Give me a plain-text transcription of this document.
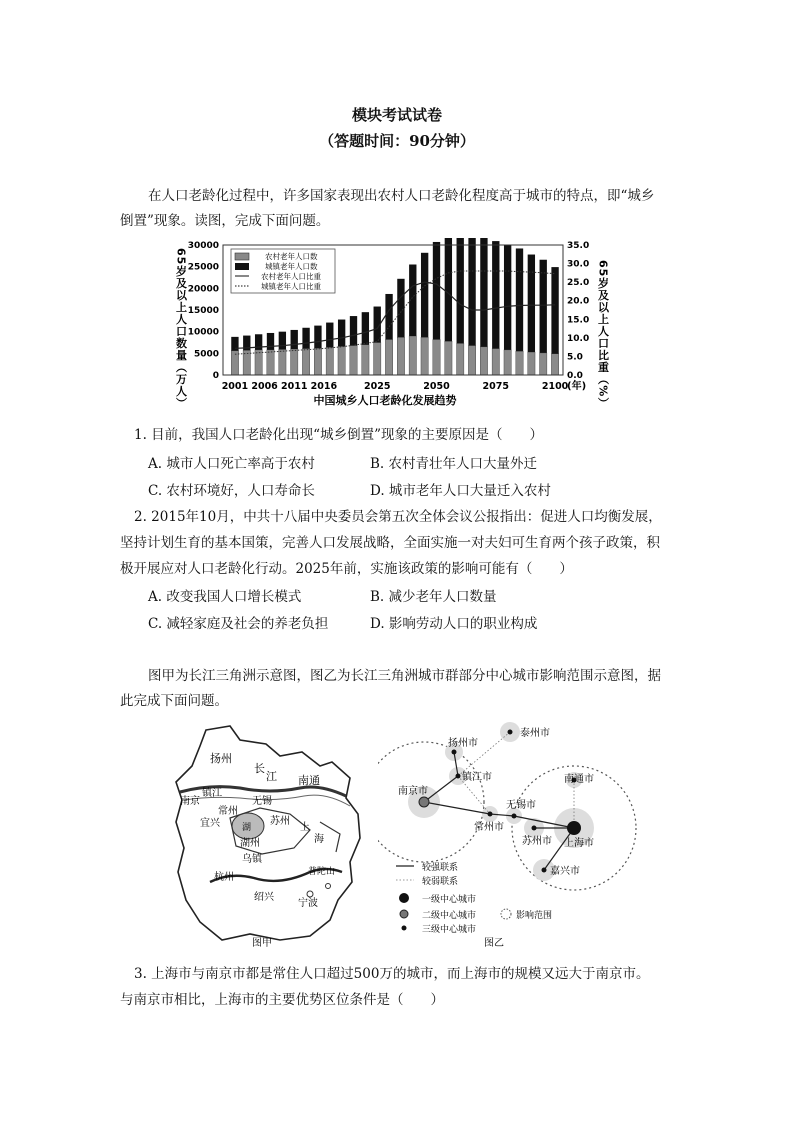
模块考试试卷
（答题时间：90分钟）
在人口老龄化过程中，许多国家表现出农村人口老龄化程度高于城市的特点，即“城乡
倒置”现象。读图，完成下面问题。
0
5000
10000
15000
20000
25000
30000
0.0
5.0
10.0
15.0
20.0
25.0
30.0
35.0
2001 2006 2011 2016	2025	2050	2075	2100
65岁及以上人口数量（万人）	65岁及以上人口比重（%）
农村老年人口数
城镇老年人口数
农村老年人口比重
城镇老年人口比重
(年)
中国城乡人口老龄化发展趋势
1. 目前，我国人口老龄化出现“城乡倒置”现象的主要原因是（　　）
A. 城市人口死亡率高于农村	B. 农村青壮年人口大量外迁
C. 农村环境好，人口寿命长	D. 城市老年人口大量迁入农村
2. 2015年10月，中共十八届中央委员会第五次全体会议公报指出：促进人口均衡发展，
坚持计划生育的基本国策，完善人口发展战略，全面实施一对夫妇可生育两个孩子政策，积
极开展应对人口老龄化行动。2025年前，实施该政策的影响可能有（　　）
A. 改变我国人口增长模式	B. 减少老年人口数量
C. 减轻家庭及社会的养老负担	D. 影响劳动人口的职业构成
图甲为长江三角洲示意图，图乙为长江三角洲城市群部分中心城市影响范围示意图，据
此完成下面问题。
扬州
长
江 南通
南京
镇江
常州
无锡
宜兴 湖
苏州
上
海
湖州
乌镇
杭州
绍兴
宁波
普陀山
图甲
泰州市
扬州市
镇江市
南京市
无锡市
常州市
苏州市 上海市
南通市
嘉兴市
较强联系
较弱联系
一级中心城市
二级中心城市
三级中心城市
影响范围
图乙
3. 上海市与南京市都是常住人口超过500万的城市，而上海市的规模又远大于南京市。
与南京市相比，上海市的主要优势区位条件是（　　）
